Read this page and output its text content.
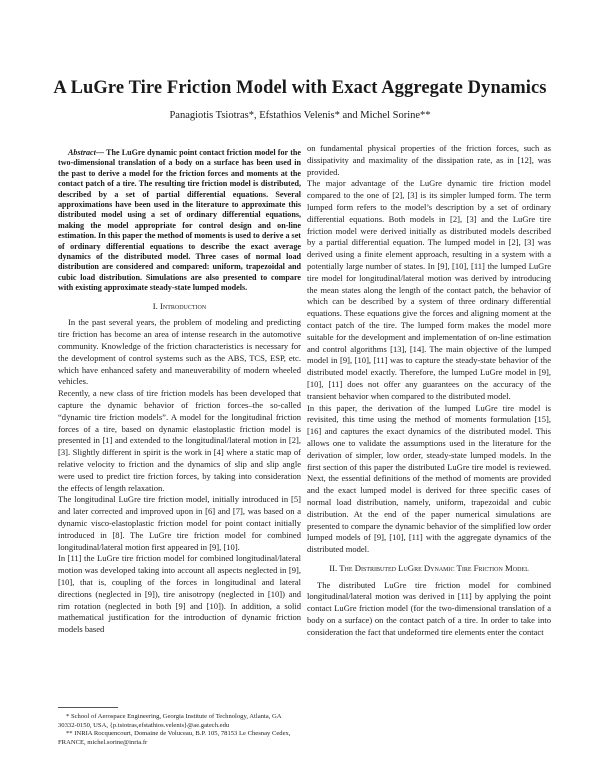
A LuGre Tire Friction Model with Exact Aggregate Dynamics
Panagiotis Tsiotras*, Efstathios Velenis* and Michel Sorine**

Abstract— The LuGre dynamic point contact friction model for the two-dimensional translation of a body on a surface has been used in the past to derive a model for the friction forces and moments at the contact patch of a tire. The resulting tire friction model is distributed, described by a set of partial differential equations. Several approximations have been used in the literature to approximate this distributed model using a set of ordinary differential equations, making the model appropriate for control design and on-line estimation. In this paper the method of moments is used to derive a set of ordinary differential equations to describe the exact average dynamics of the distributed model. Three cases of normal load distribution are considered and compared: uniform, trapezoidal and cubic load distribution. Simulations are also presented to compare with existing approximate steady-state lumped models.

I. Introduction

In the past several years, the problem of modeling and predicting tire friction has become an area of intense research in the automotive community. Knowledge of the friction characteristics is necessary for the development of control systems such as the ABS, TCS, ESP, etc. which have enhanced safety and maneuverability of modern wheeled vehicles.

Recently, a new class of tire friction models has been developed that capture the dynamic behavior of friction forces–the so-called “dynamic tire friction models”. A model for the longitudinal friction forces of a tire, based on dynamic elastoplastic friction model is presented in [1] and extended to the longitudinal/lateral motion in [2], [3]. Slightly different in spirit is the work in [4] where a static map of relative velocity to friction and the dynamics of slip and slip angle were used to predict tire friction forces, by taking into consideration the effects of length relaxation.

The longitudinal LuGre tire friction model, initially introduced in [5] and later corrected and improved upon in [6] and [7], was based on a dynamic visco-elastoplastic friction model for point contact initially introduced in [8]. The LuGre tire friction model for combined longitudinal/lateral motion first appeared in [9], [10].

In [11] the LuGre tire friction model for combined longitudinal/lateral motion was developed taking into account all aspects neglected in [9], [10], that is, coupling of the forces in longitudinal and lateral directions (neglected in [9]), tire anisotropy (neglected in [10]) and rim rotation (neglected in both [9] and [10]). In addition, a solid mathematical justification for the introduction of dynamic friction models based

* School of Aerospace Engineering, Georgia Institute of Technology, Atlanta, GA 30332-0150, USA, {p.tsiotras,efstathios.velenis}@ae.gatech.edu

** INRIA Rocquencourt, Domaine de Voluceau, B.P. 105, 78153 Le Chesnay Cedex, FRANCE, michel.sorine@inria.fr

on fundamental physical properties of the friction forces, such as dissipativity and maximality of the dissipation rate, as in [12], was provided.

The major advantage of the LuGre dynamic tire friction model compared to the one of [2], [3] is its simpler lumped form. The term lumped form refers to the model’s description by a set of ordinary differential equations. Both models in [2], [3] and the LuGre tire friction model were derived initially as distributed models described by a partial differential equation. The lumped model in [2], [3] was derived using a finite element approach, resulting in a system with a potentially large number of states. In [9], [10], [11] the lumped LuGre tire model for longitudinal/lateral motion was derived by introducing the mean states along the length of the contact patch, the behavior of which can be described by a system of three ordinary differential equations. These equations give the forces and aligning moment at the contact patch of the tire. The lumped form makes the model more suitable for the development and implementation of on-line estimation and control algorithms [13], [14]. The main objective of the lumped model in [9], [10], [11] was to capture the steady-state behavior of the distributed model exactly. Therefore, the lumped LuGre model in [9], [10], [11] does not offer any guarantees on the accuracy of the transient behavior when compared to the distributed model.

In this paper, the derivation of the lumped LuGre tire model is revisited, this time using the method of moments formulation [15], [16] and captures the exact dynamics of the distributed model. This allows one to validate the assumptions used in the literature for the derivation of simpler, low order, steady-state lumped models. In the first section of this paper the distributed LuGre tire model is reviewed. Next, the essential definitions of the method of moments are provided and the exact lumped model is derived for three specific cases of normal load distribution, namely, uniform, trapezoidal and cubic distribution. At the end of the paper numerical simulations are presented to compare the dynamic behavior of the simplified low order lumped models of [9], [10], [11] with the aggregate dynamics of the distributed model.

II. The Distributed LuGre Dynamic Tire Friction Model

The distributed LuGre tire friction model for combined longitudinal/lateral motion was derived in [11] by applying the point contact LuGre friction model (for the two-dimensional translation of a body on a surface) on the contact patch of a tire. In order to take into consideration the fact that undeformed tire elements enter the contact
